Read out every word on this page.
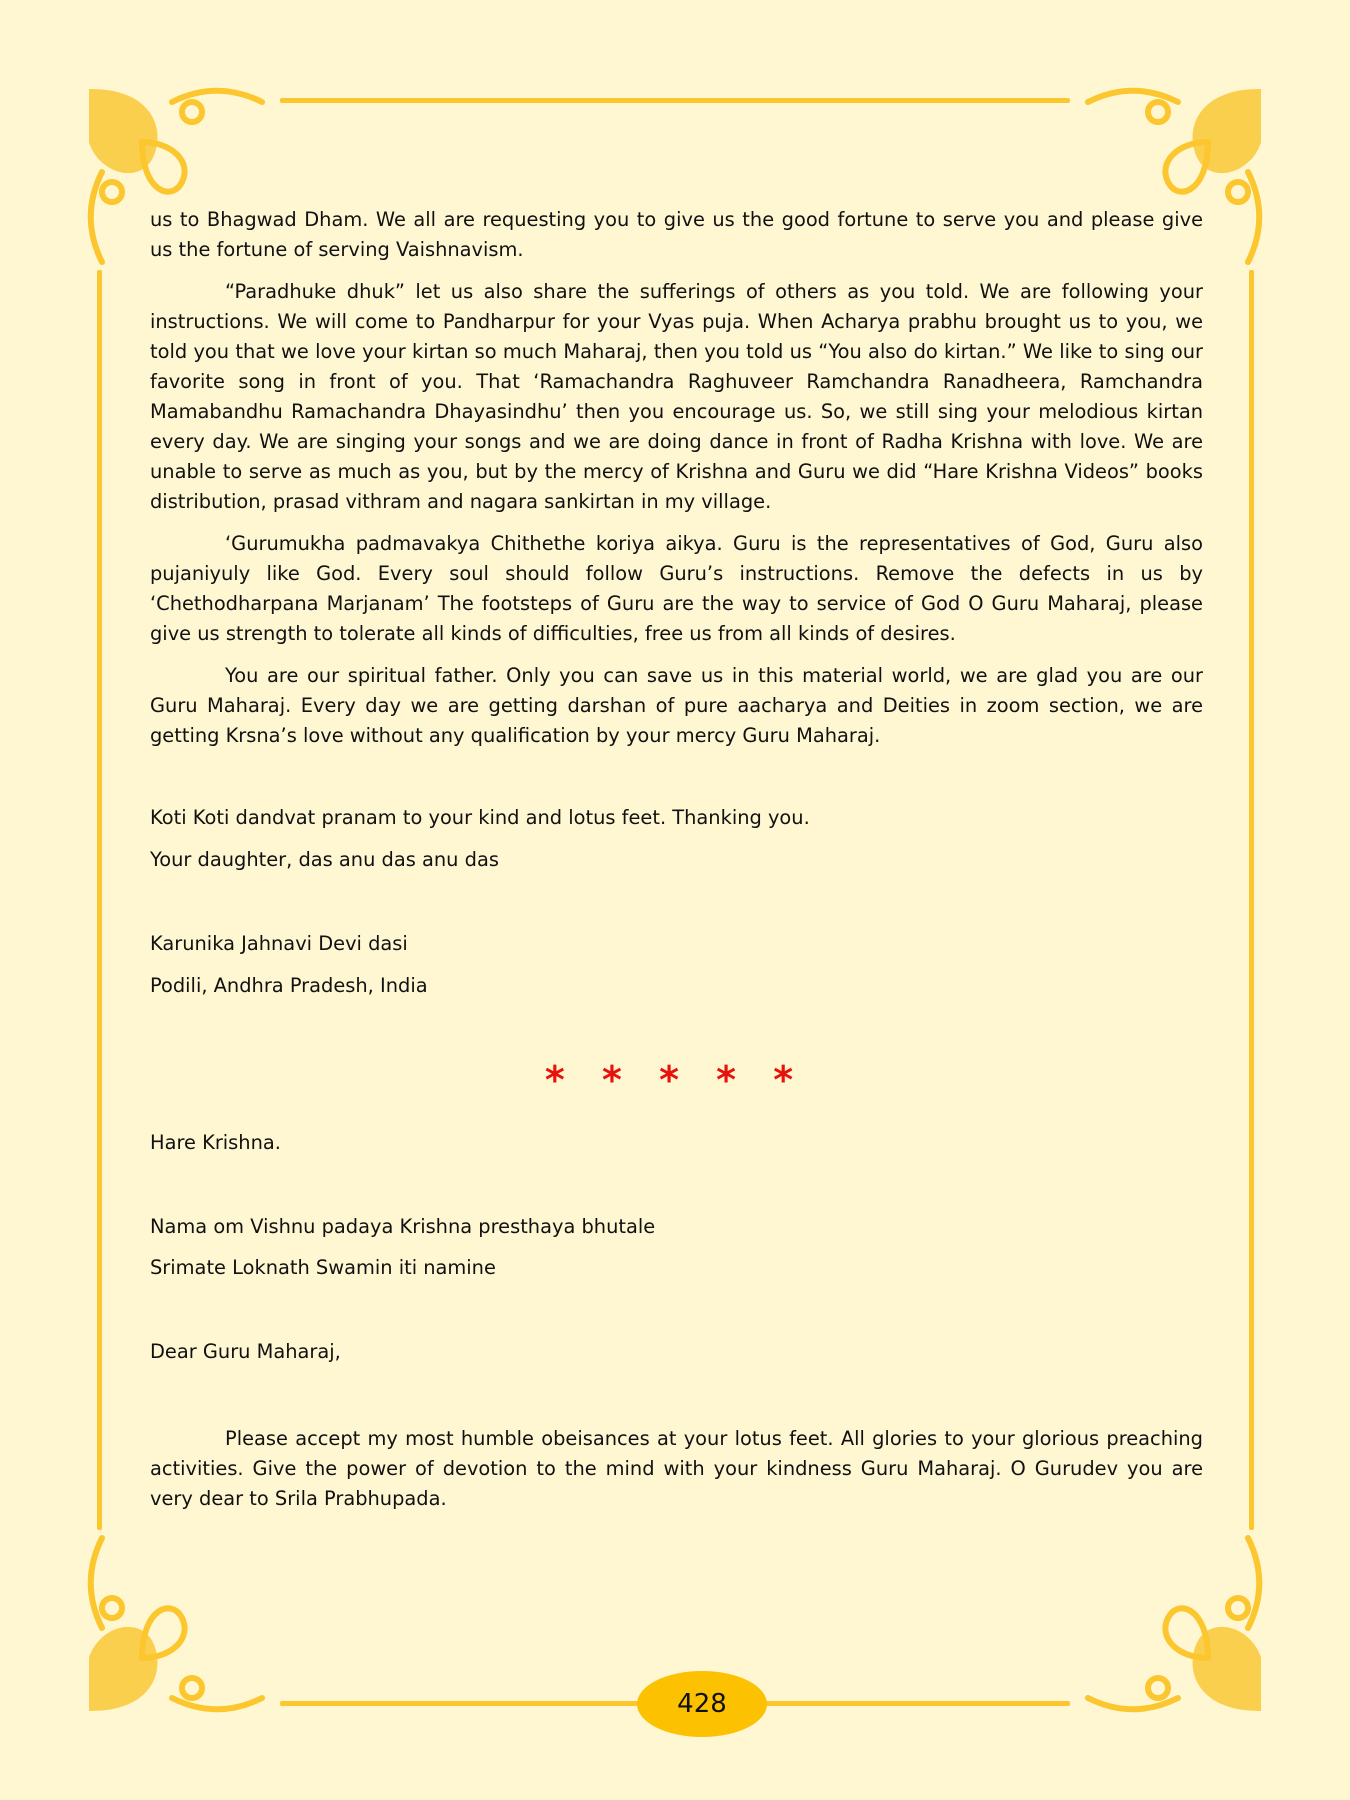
us to Bhagwad Dham. We all are requesting you to give us the good fortune to serve you and please give us the fortune of serving Vaishnavism.

“Paradhuke dhuk” let us also share the sufferings of others as you told. We are following your instructions. We will come to Pandharpur for your Vyas puja. When Acharya prabhu brought us to you, we told you that we love your kirtan so much Maharaj, then you told us “You also do kirtan.” We like to sing our favorite song in front of you. That ‘Ramachandra Raghuveer Ramchandra Ranadheera, Ramchandra Mamabandhu Ramachandra Dhayasindhu’ then you encourage us. So, we still sing your melodious kirtan every day. We are singing your songs and we are doing dance in front of Radha Krishna with love. We are unable to serve as much as you, but by the mercy of Krishna and Guru we did “Hare Krishna Videos” books distribution, prasad vithram and nagara sankirtan in my village.

‘Gurumukha padmavakya Chithethe koriya aikya. Guru is the representatives of God, Guru also pujaniyuly like God. Every soul should follow Guru’s instructions. Remove the defects in us by ‘Chethodharpana Marjanam’ The footsteps of Guru are the way to service of God O Guru Maharaj, please give us strength to tolerate all kinds of difficulties, free us from all kinds of desires.

You are our spiritual father. Only you can save us in this material world, we are glad you are our Guru Maharaj. Every day we are getting darshan of pure aacharya and Deities in zoom section, we are getting Krsna’s love without any qualification by your mercy Guru Maharaj.

Koti Koti dandvat pranam to your kind and lotus feet. Thanking you.
Your daughter, das anu das anu das
Karunika Jahnavi Devi dasi
Podili, Andhra Pradesh, India
* * * * *
Hare Krishna.
Nama om Vishnu padaya Krishna presthaya bhutale
Srimate Loknath Swamin iti namine
Dear Guru Maharaj,

Please accept my most humble obeisances at your lotus feet. All glories to your glorious preaching activities. Give the power of devotion to the mind with your kindness Guru Maharaj. O Gurudev you are very dear to Srila Prabhupada.

428
